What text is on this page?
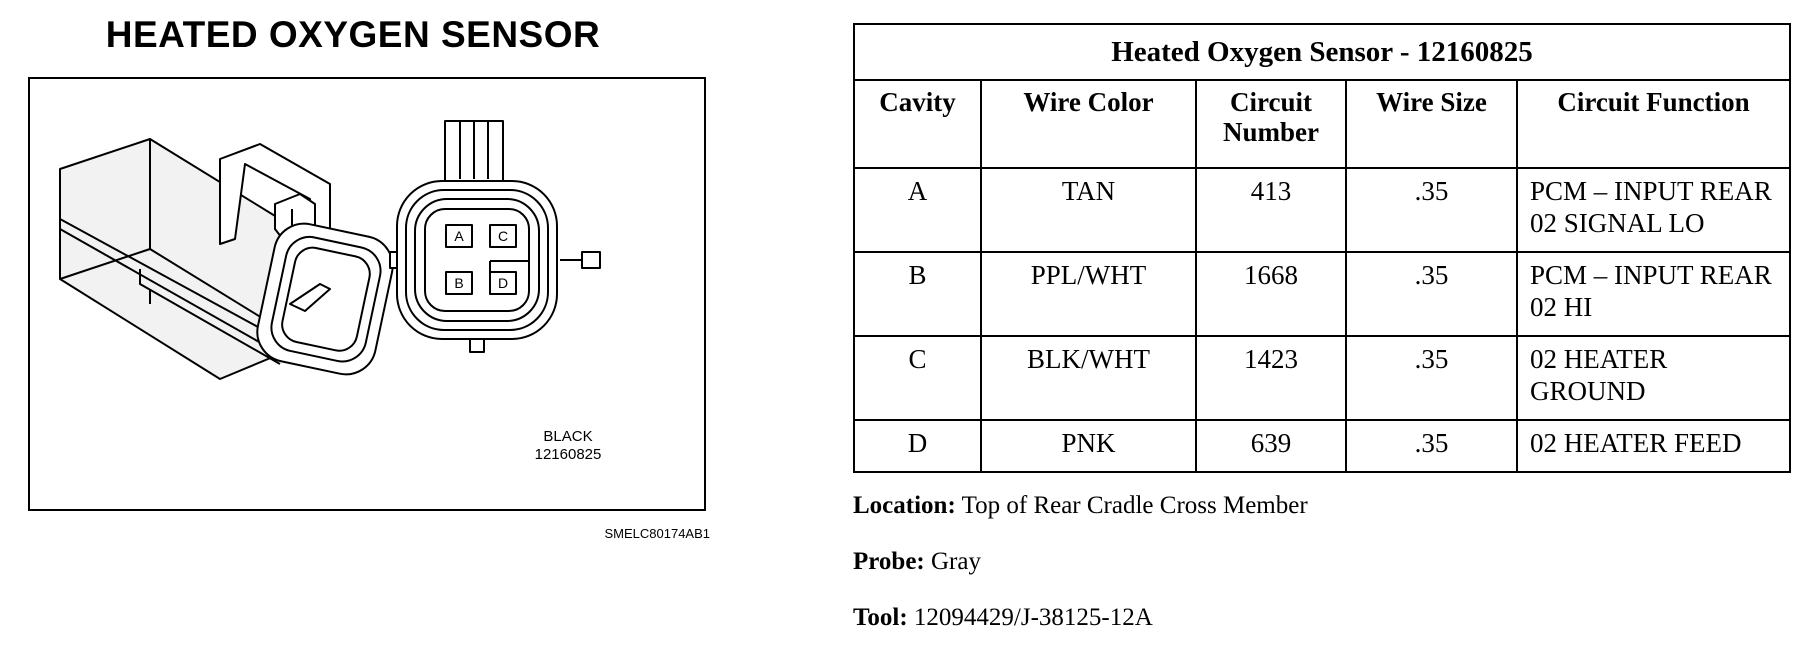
HEATED OXYGEN SENSOR
A C
B D
BLACK
12160825
SMELC80174AB1
Heated Oxygen Sensor - 12160825				
Cavity	Wire Color	Circuit Number	Wire Size	Circuit Function
A	TAN	413	.35	PCM – INPUT REAR 02 SIGNAL LO
B	PPL/WHT	1668	.35	PCM – INPUT REAR 02 HI
C	BLK/WHT	1423	.35	02 HEATER GROUND
D	PNK	639	.35	02 HEATER FEED
Location: Top of Rear Cradle Cross Member
Probe: Gray
Tool: 12094429/J-38125-12A
